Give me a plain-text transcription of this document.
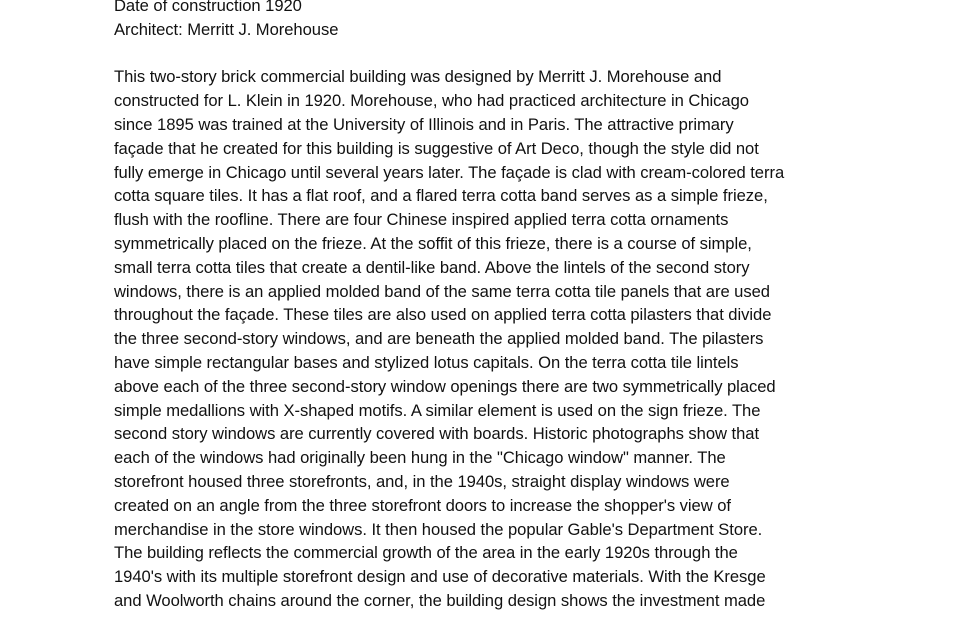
Date of construction 1920
Architect: Merritt J. Morehouse
This two-story brick commercial building was designed by Merritt J. Morehouse and
constructed for L. Klein in 1920. Morehouse, who had practiced architecture in Chicago
since 1895 was trained at the University of Illinois and in Paris. The attractive primary
façade that he created for this building is suggestive of Art Deco, though the style did not
fully emerge in Chicago until several years later. The façade is clad with cream-colored terra
cotta square tiles. It has a flat roof, and a flared terra cotta band serves as a simple frieze,
flush with the roofline. There are four Chinese inspired applied terra cotta ornaments
symmetrically placed on the frieze. At the soffit of this frieze, there is a course of simple,
small terra cotta tiles that create a dentil-like band. Above the lintels of the second story
windows, there is an applied molded band of the same terra cotta tile panels that are used
throughout the façade. These tiles are also used on applied terra cotta pilasters that divide
the three second-story windows, and are beneath the applied molded band. The pilasters
have simple rectangular bases and stylized lotus capitals. On the terra cotta tile lintels
above each of the three second-story window openings there are two symmetrically placed
simple medallions with X-shaped motifs. A similar element is used on the sign frieze. The
second story windows are currently covered with boards. Historic photographs show that
each of the windows had originally been hung in the "Chicago window" manner. The
storefront housed three storefronts, and, in the 1940s, straight display windows were
created on an angle from the three storefront doors to increase the shopper's view of
merchandise in the store windows. It then housed the popular Gable's Department Store.
The building reflects the commercial growth of the area in the early 1920s through the
1940's with its multiple storefront design and use of decorative materials. With the Kresge
and Woolworth chains around the corner, the building design shows the investment made
